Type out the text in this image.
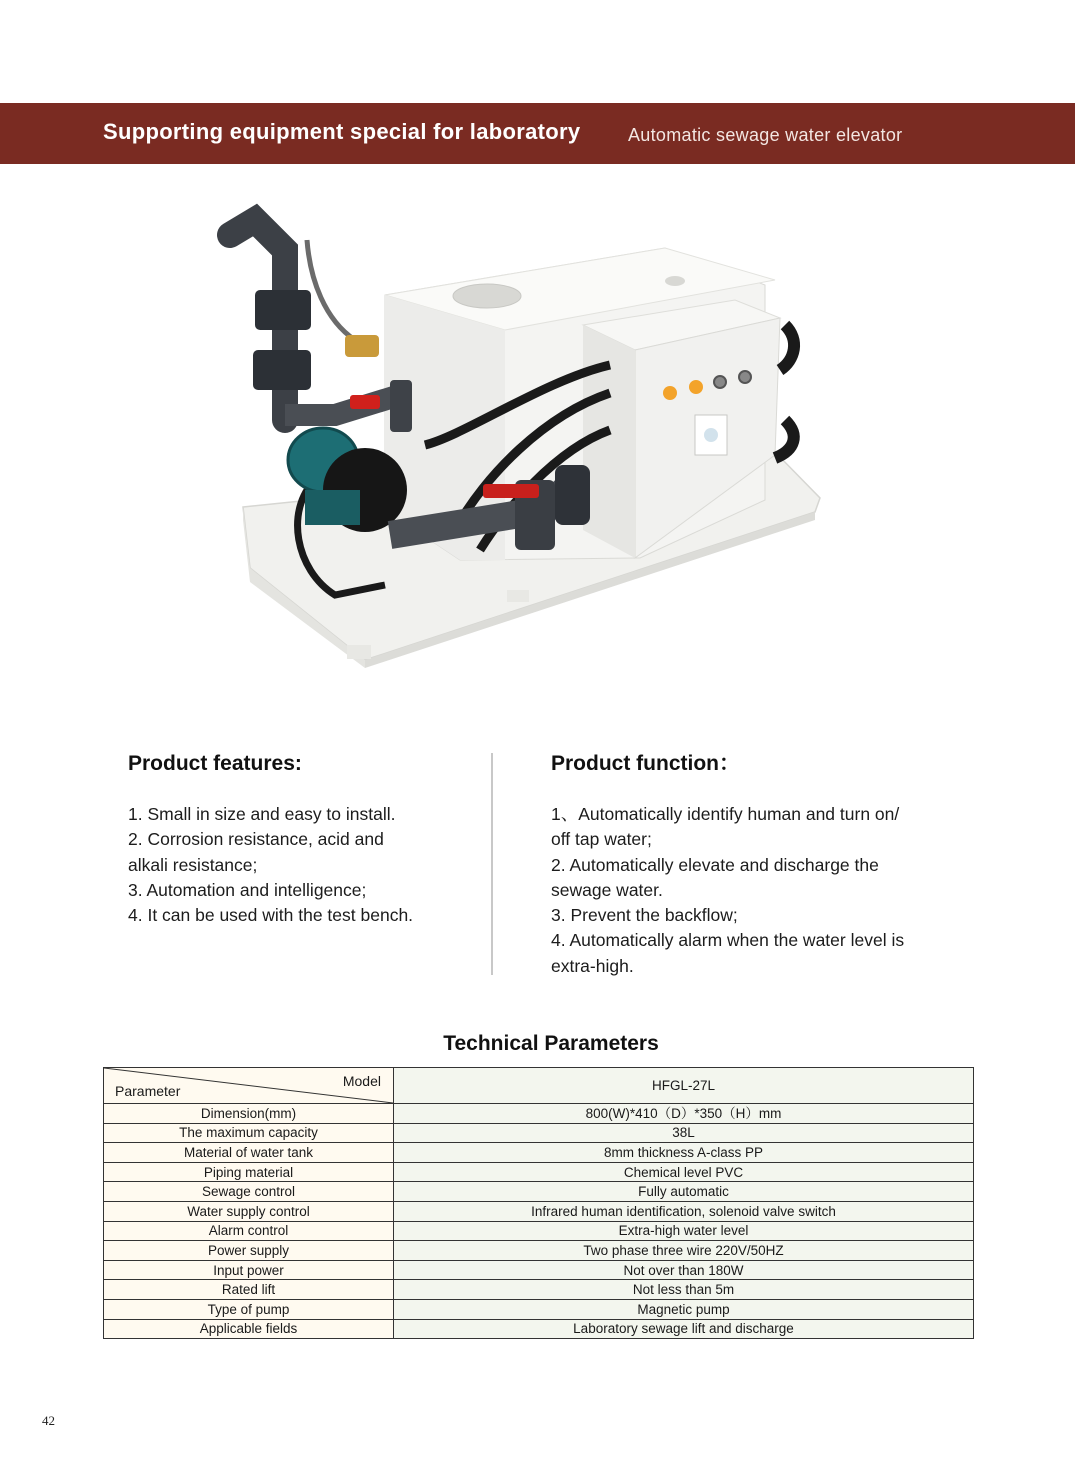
Supporting equipment special for laboratory	Automatic sewage water elevator
Product features:
1. Small in size and easy to install.
2. Corrosion resistance, acid and
alkali resistance;
3. Automation and intelligence;
4. It can be used with the test bench.
Product function：
1、Automatically identify human and turn on/
off tap water;
2. Automatically elevate and discharge the
sewage water.
3. Prevent the backflow;
4. Automatically alarm when the water level is
extra-high.
Technical Parameters
Model
Parameter	HFGL-27L
Dimension(mm)	800(W)*410（D）*350（H）mm
The maximum capacity	38L
Material of water tank	8mm thickness A-class PP
Piping material	Chemical level PVC
Sewage control	Fully automatic
Water supply control	Infrared human identification, solenoid valve switch
Alarm control	Extra-high water level
Power supply	Two phase three wire 220V/50HZ
Input power	Not over than 180W
Rated lift	Not less than 5m
Type of pump	Magnetic pump
Applicable fields	Laboratory sewage lift and discharge
42
